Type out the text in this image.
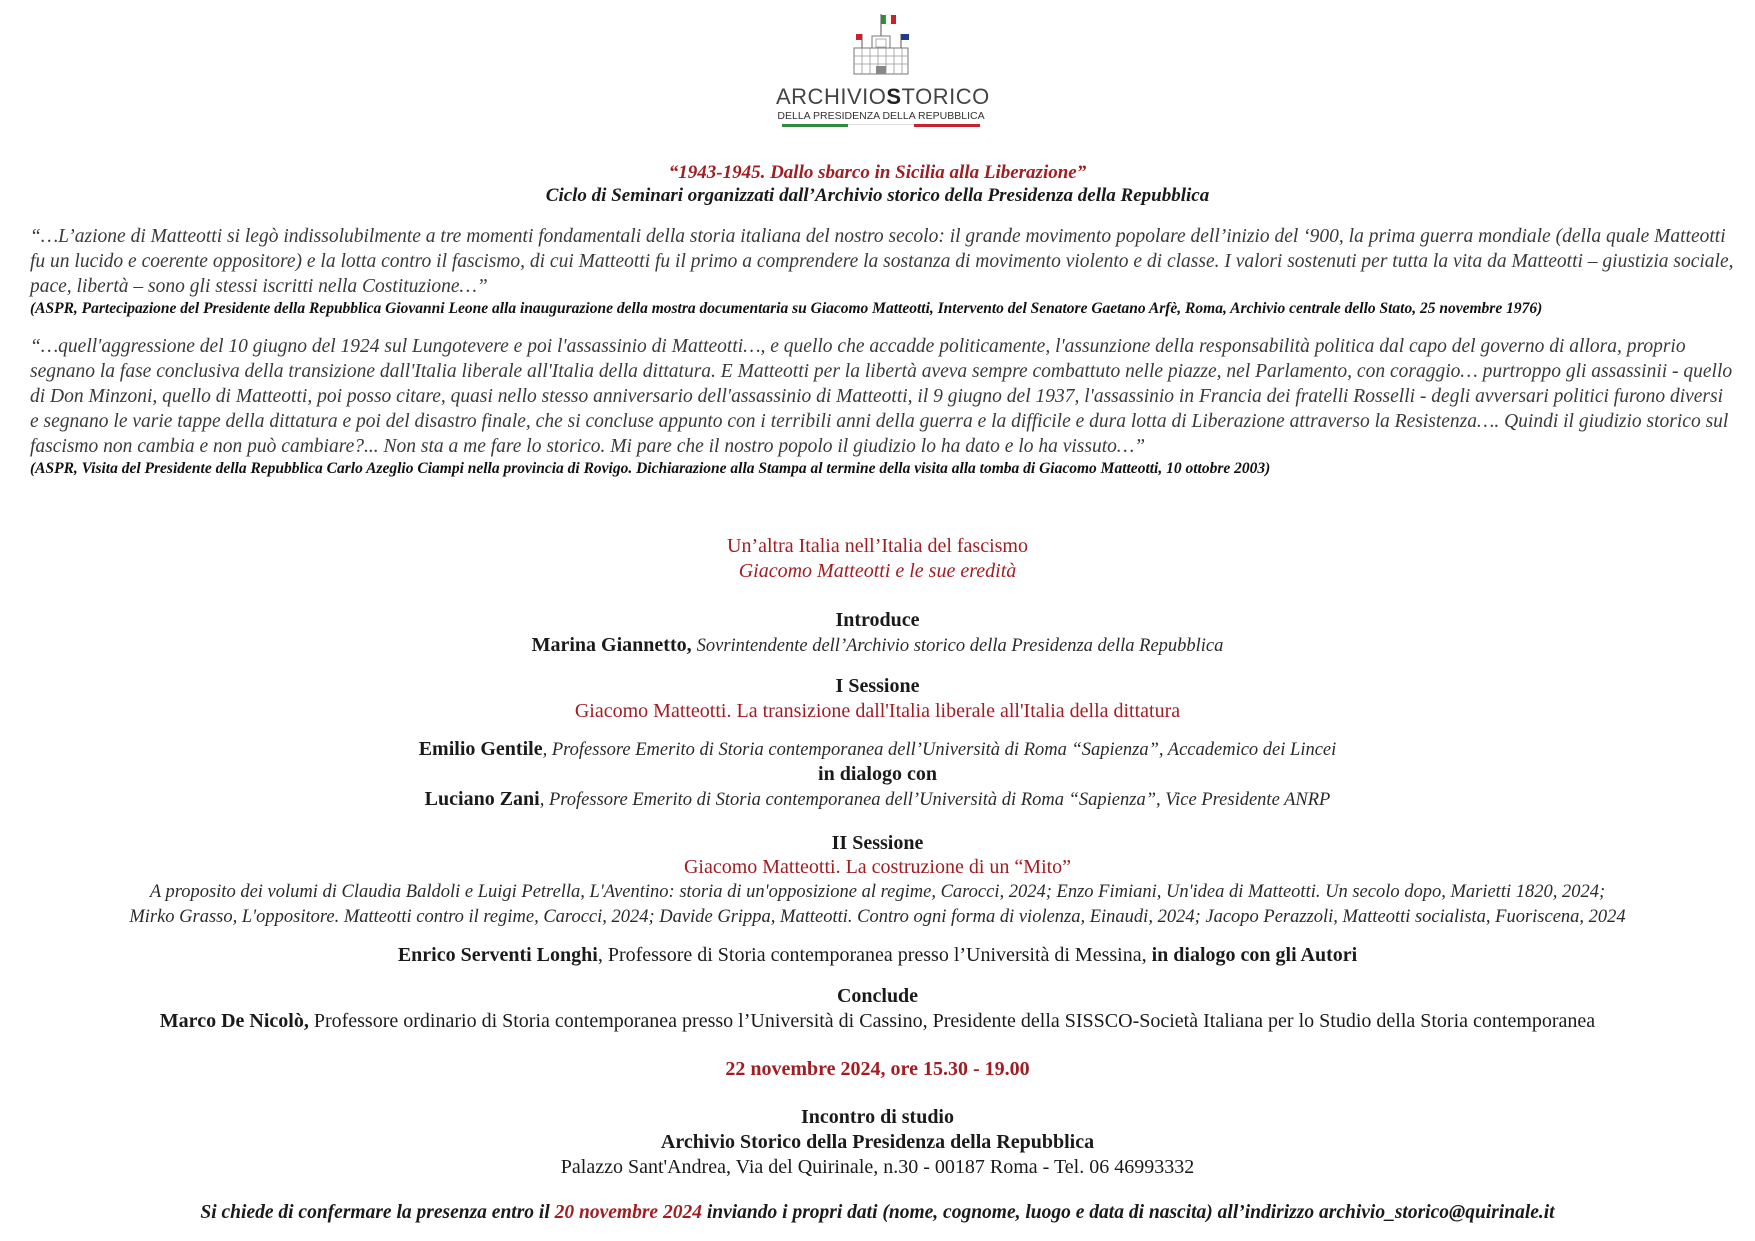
ARCHIVIOSTORICO
DELLA PRESIDENZA DELLA REPUBBLICA
“1943-1945. Dallo sbarco in Sicilia alla Liberazione”
Ciclo di Seminari organizzati dall’Archivio storico della Presidenza della Repubblica
“…L’azione di Matteotti si legò indissolubilmente a tre momenti fondamentali della storia italiana del nostro secolo: il grande movimento popolare dell’inizio del ‘900, la prima guerra mondiale (della quale Matteotti fu un lucido e coerente oppositore) e la lotta contro il fascismo, di cui Matteotti fu il primo a comprendere la sostanza di movimento violento e di classe. I valori sostenuti per tutta la vita da Matteotti – giustizia sociale, pace, libertà – sono gli stessi iscritti nella Costituzione…”
(ASPR, Partecipazione del Presidente della Repubblica Giovanni Leone alla inaugurazione della mostra documentaria su Giacomo Matteotti, Intervento del Senatore Gaetano Arfè, Roma, Archivio centrale dello Stato, 25 novembre 1976)
“…quell'aggressione del 10 giugno del 1924 sul Lungotevere e poi l'assassinio di Matteotti…, e quello che accadde politicamente, l'assunzione della responsabilità politica dal capo del governo di allora, proprio segnano la fase conclusiva della transizione dall'Italia liberale all'Italia della dittatura. E Matteotti per la libertà aveva sempre combattuto nelle piazze, nel Parlamento, con coraggio… purtroppo gli assassinii - quello di Don Minzoni, quello di Matteotti, poi posso citare, quasi nello stesso anniversario dell'assassinio di Matteotti, il 9 giugno del 1937, l'assassinio in Francia dei fratelli Rosselli - degli avversari politici furono diversi e segnano le varie tappe della dittatura e poi del disastro finale, che si concluse appunto con i terribili anni della guerra e la difficile e dura lotta di Liberazione attraverso la Resistenza…. Quindi il giudizio storico sul fascismo non cambia e non può cambiare?... Non sta a me fare lo storico. Mi pare che il nostro popolo il giudizio lo ha dato e lo ha vissuto…”
(ASPR, Visita del Presidente della Repubblica Carlo Azeglio Ciampi nella provincia di Rovigo. Dichiarazione alla Stampa al termine della visita alla tomba di Giacomo Matteotti, 10 ottobre 2003)
Un’altra Italia nell’Italia del fascismo
Giacomo Matteotti e le sue eredità
Introduce
Marina Giannetto, Sovrintendente dell’Archivio storico della Presidenza della Repubblica
I Sessione
Giacomo Matteotti. La transizione dall'Italia liberale all'Italia della dittatura
Emilio Gentile, Professore Emerito di Storia contemporanea dell’Università di Roma “Sapienza”, Accademico dei Lincei
in dialogo con
Luciano Zani, Professore Emerito di Storia contemporanea dell’Università di Roma “Sapienza”, Vice Presidente ANRP
II Sessione
Giacomo Matteotti. La costruzione di un “Mito”
A proposito dei volumi di Claudia Baldoli e Luigi Petrella, L'Aventino: storia di un'opposizione al regime, Carocci, 2024; Enzo Fimiani, Un'idea di Matteotti. Un secolo dopo, Marietti 1820, 2024;
Mirko Grasso, L'oppositore. Matteotti contro il regime, Carocci, 2024; Davide Grippa, Matteotti. Contro ogni forma di violenza, Einaudi, 2024; Jacopo Perazzoli, Matteotti socialista, Fuoriscena, 2024
Enrico Serventi Longhi, Professore di Storia contemporanea presso l’Università di Messina, in dialogo con gli Autori
Conclude
Marco De Nicolò, Professore ordinario di Storia contemporanea presso l’Università di Cassino, Presidente della SISSCO-Società Italiana per lo Studio della Storia contemporanea
22 novembre 2024, ore 15.30 - 19.00
Incontro di studio
Archivio Storico della Presidenza della Repubblica
Palazzo Sant'Andrea, Via del Quirinale, n.30 - 00187 Roma - Tel. 06 46993332
Si chiede di confermare la presenza entro il 20 novembre 2024 inviando i propri dati (nome, cognome, luogo e data di nascita) all’indirizzo archivio_storico@quirinale.it
